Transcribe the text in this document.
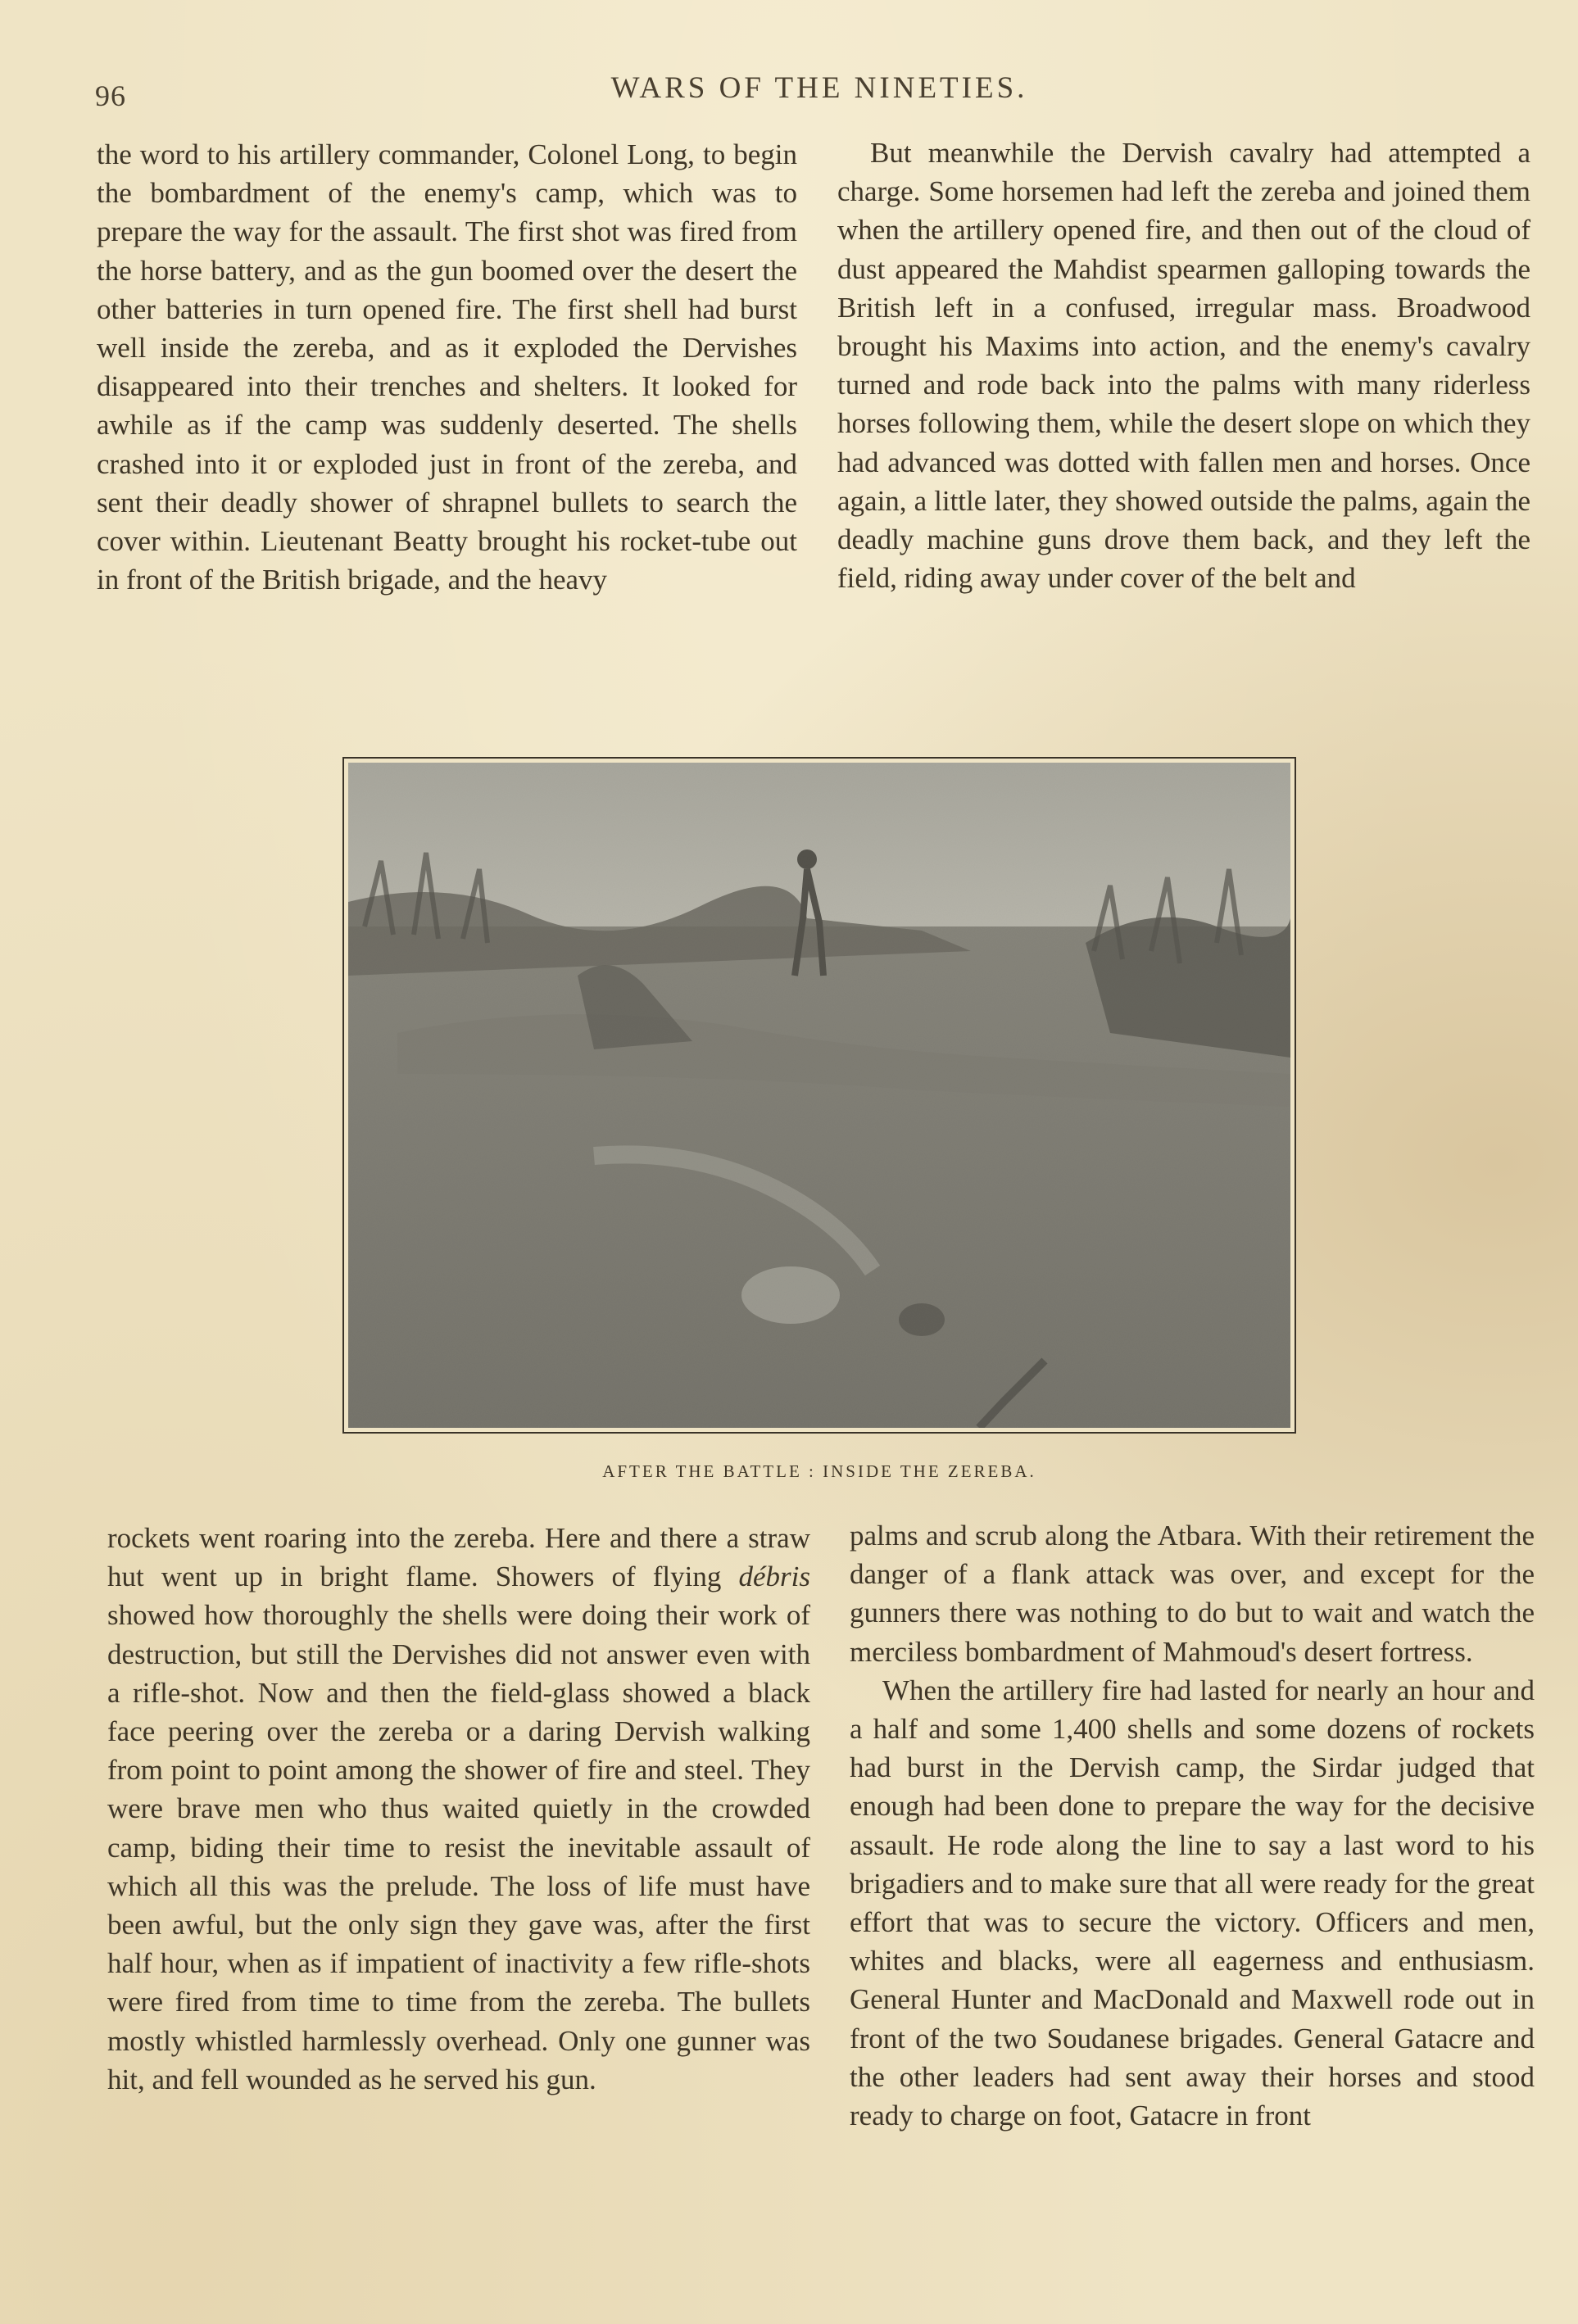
96	WARS OF THE NINETIES.

the word to his artillery commander, Colonel Long, to begin the bombardment of the enemy's camp, which was to prepare the way for the assault. The first shot was fired from the horse battery, and as the gun boomed over the desert the other batteries in turn opened fire. The first shell had burst well inside the zereba, and as it exploded the Dervishes disappeared into their trenches and shelters. It looked for awhile as if the camp was suddenly deserted. The shells crashed into it or exploded just in front of the zereba, and sent their deadly shower of shrapnel bullets to search the cover within. Lieutenant Beatty brought his rocket-tube out in front of the British brigade, and the heavy

But meanwhile the Dervish cavalry had attempted a charge. Some horsemen had left the zereba and joined them when the artillery opened fire, and then out of the cloud of dust appeared the Mahdist spearmen galloping towards the British left in a confused, irregular mass. Broadwood brought his Maxims into action, and the enemy's cavalry turned and rode back into the palms with many riderless horses following them, while the desert slope on which they had advanced was dotted with fallen men and horses. Once again, a little later, they showed outside the palms, again the deadly machine guns drove them back, and they left the field, riding away under cover of the belt and

AFTER THE BATTLE : INSIDE THE ZEREBA.

rockets went roaring into the zereba. Here and there a straw hut went up in bright flame. Showers of flying débris showed how thoroughly the shells were doing their work of destruction, but still the Dervishes did not answer even with a rifle-shot. Now and then the field-glass showed a black face peering over the zereba or a daring Dervish walking from point to point among the shower of fire and steel. They were brave men who thus waited quietly in the crowded camp, biding their time to resist the inevitable assault of which all this was the prelude. The loss of life must have been awful, but the only sign they gave was, after the first half hour, when as if impatient of inactivity a few rifle-shots were fired from time to time from the zereba. The bullets mostly whistled harmlessly overhead. Only one gunner was hit, and fell wounded as he served his gun.

palms and scrub along the Atbara. With their retirement the danger of a flank attack was over, and except for the gunners there was nothing to do but to wait and watch the merciless bombardment of Mahmoud's desert fortress.

When the artillery fire had lasted for nearly an hour and a half and some 1,400 shells and some dozens of rockets had burst in the Dervish camp, the Sirdar judged that enough had been done to prepare the way for the decisive assault. He rode along the line to say a last word to his brigadiers and to make sure that all were ready for the great effort that was to secure the victory. Officers and men, whites and blacks, were all eagerness and enthusiasm. General Hunter and MacDonald and Maxwell rode out in front of the two Soudanese brigades. General Gatacre and the other leaders had sent away their horses and stood ready to charge on foot, Gatacre in front
